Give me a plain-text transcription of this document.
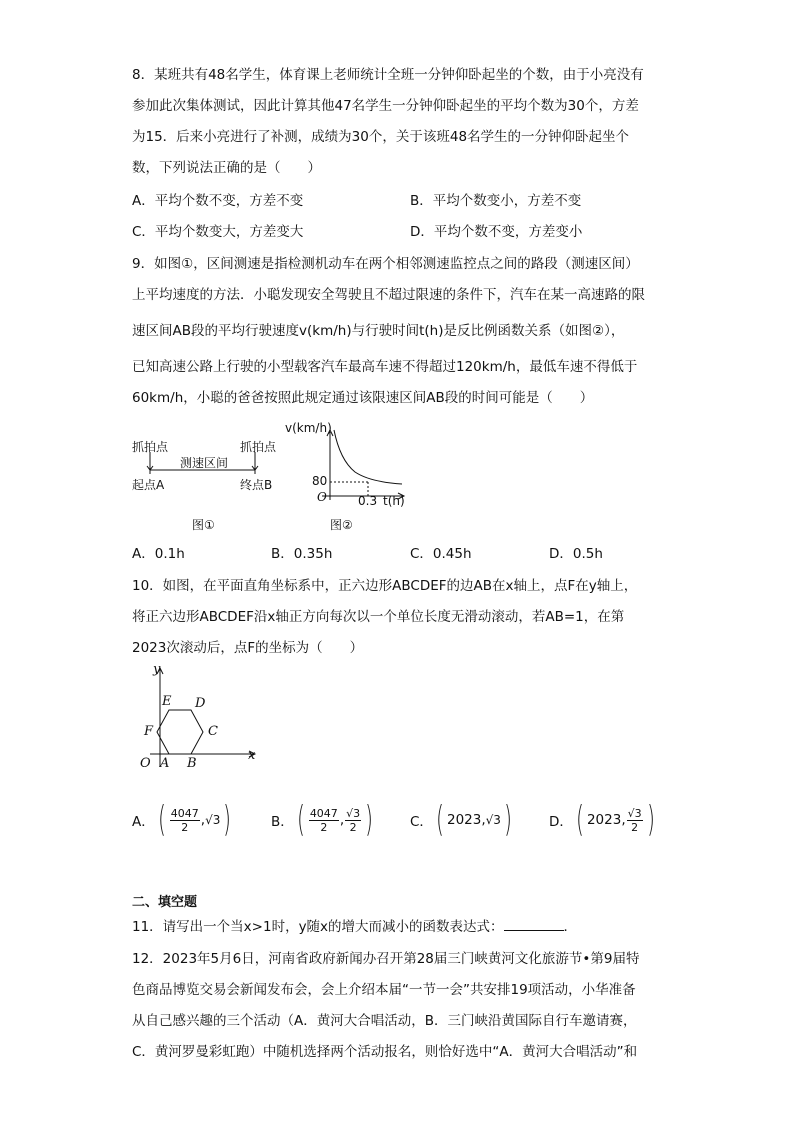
8．某班共有48名学生，体育课上老师统计全班一分钟仰卧起坐的个数，由于小亮没有
参加此次集体测试，因此计算其他47名学生一分钟仰卧起坐的平均个数为30个，方差
为15．后来小亮进行了补测，成绩为30个，关于该班48名学生的一分钟仰卧起坐个
数，下列说法正确的是（　　）
A．平均个数不变，方差不变	B．平均个数变小，方差不变
C．平均个数变大，方差变大	D．平均个数不变，方差变小
9．如图①，区间测速是指检测机动车在两个相邻测速监控点之间的路段（测速区间）
上平均速度的方法．小聪发现安全驾驶且不超过限速的条件下，汽车在某一高速路的限
速区间AB段的平均行驶速度v(km/h)与行驶时间t(h)是反比例函数关系（如图②），
已知高速公路上行驶的小型载客汽车最高车速不得超过120km/h，最低车速不得低于
60km/h，小聪的爸爸按照此规定通过该限速区间AB段的时间可能是（　　）
抓拍点	抓拍点
测速区间
起点A	终点B
图①
v(km/h)
80
O	0.3 t(h)
图②
A．0.1h	B．0.35h	C．0.45h	D．0.5h
10．如图，在平面直角坐标系中，正六边形ABCDEF的边AB在x轴上，点F在y轴上，
将正六边形ABCDEF沿x轴正方向每次以一个单位长度无滑动滚动，若AB=1，在第
2023次滚动后，点F的坐标为（　　）
y
x
O A B
C
D
E
F
A． ( $\frac{4047}{2}$ , √3 )	B． ( $\frac{4047}{2}$ , $\frac{√3}{2}$ )	C． ( 2023 , √3 )	D． ( 2023 , $\frac{√3}{2}$ )
二、填空题
11．请写出一个当x>1时，y随x的增大而减小的函数表达式：	．
12．2023年5月6日，河南省政府新闻办召开第28届三门峡黄河文化旅游节•第9届特
色商品博览交易会新闻发布会，会上介绍本届“一节一会”共安排19项活动，小华准备
从自己感兴趣的三个活动（A．黄河大合唱活动，B．三门峡沿黄国际自行车邀请赛，
C．黄河罗曼彩虹跑）中随机选择两个活动报名，则恰好选中“A．黄河大合唱活动”和
